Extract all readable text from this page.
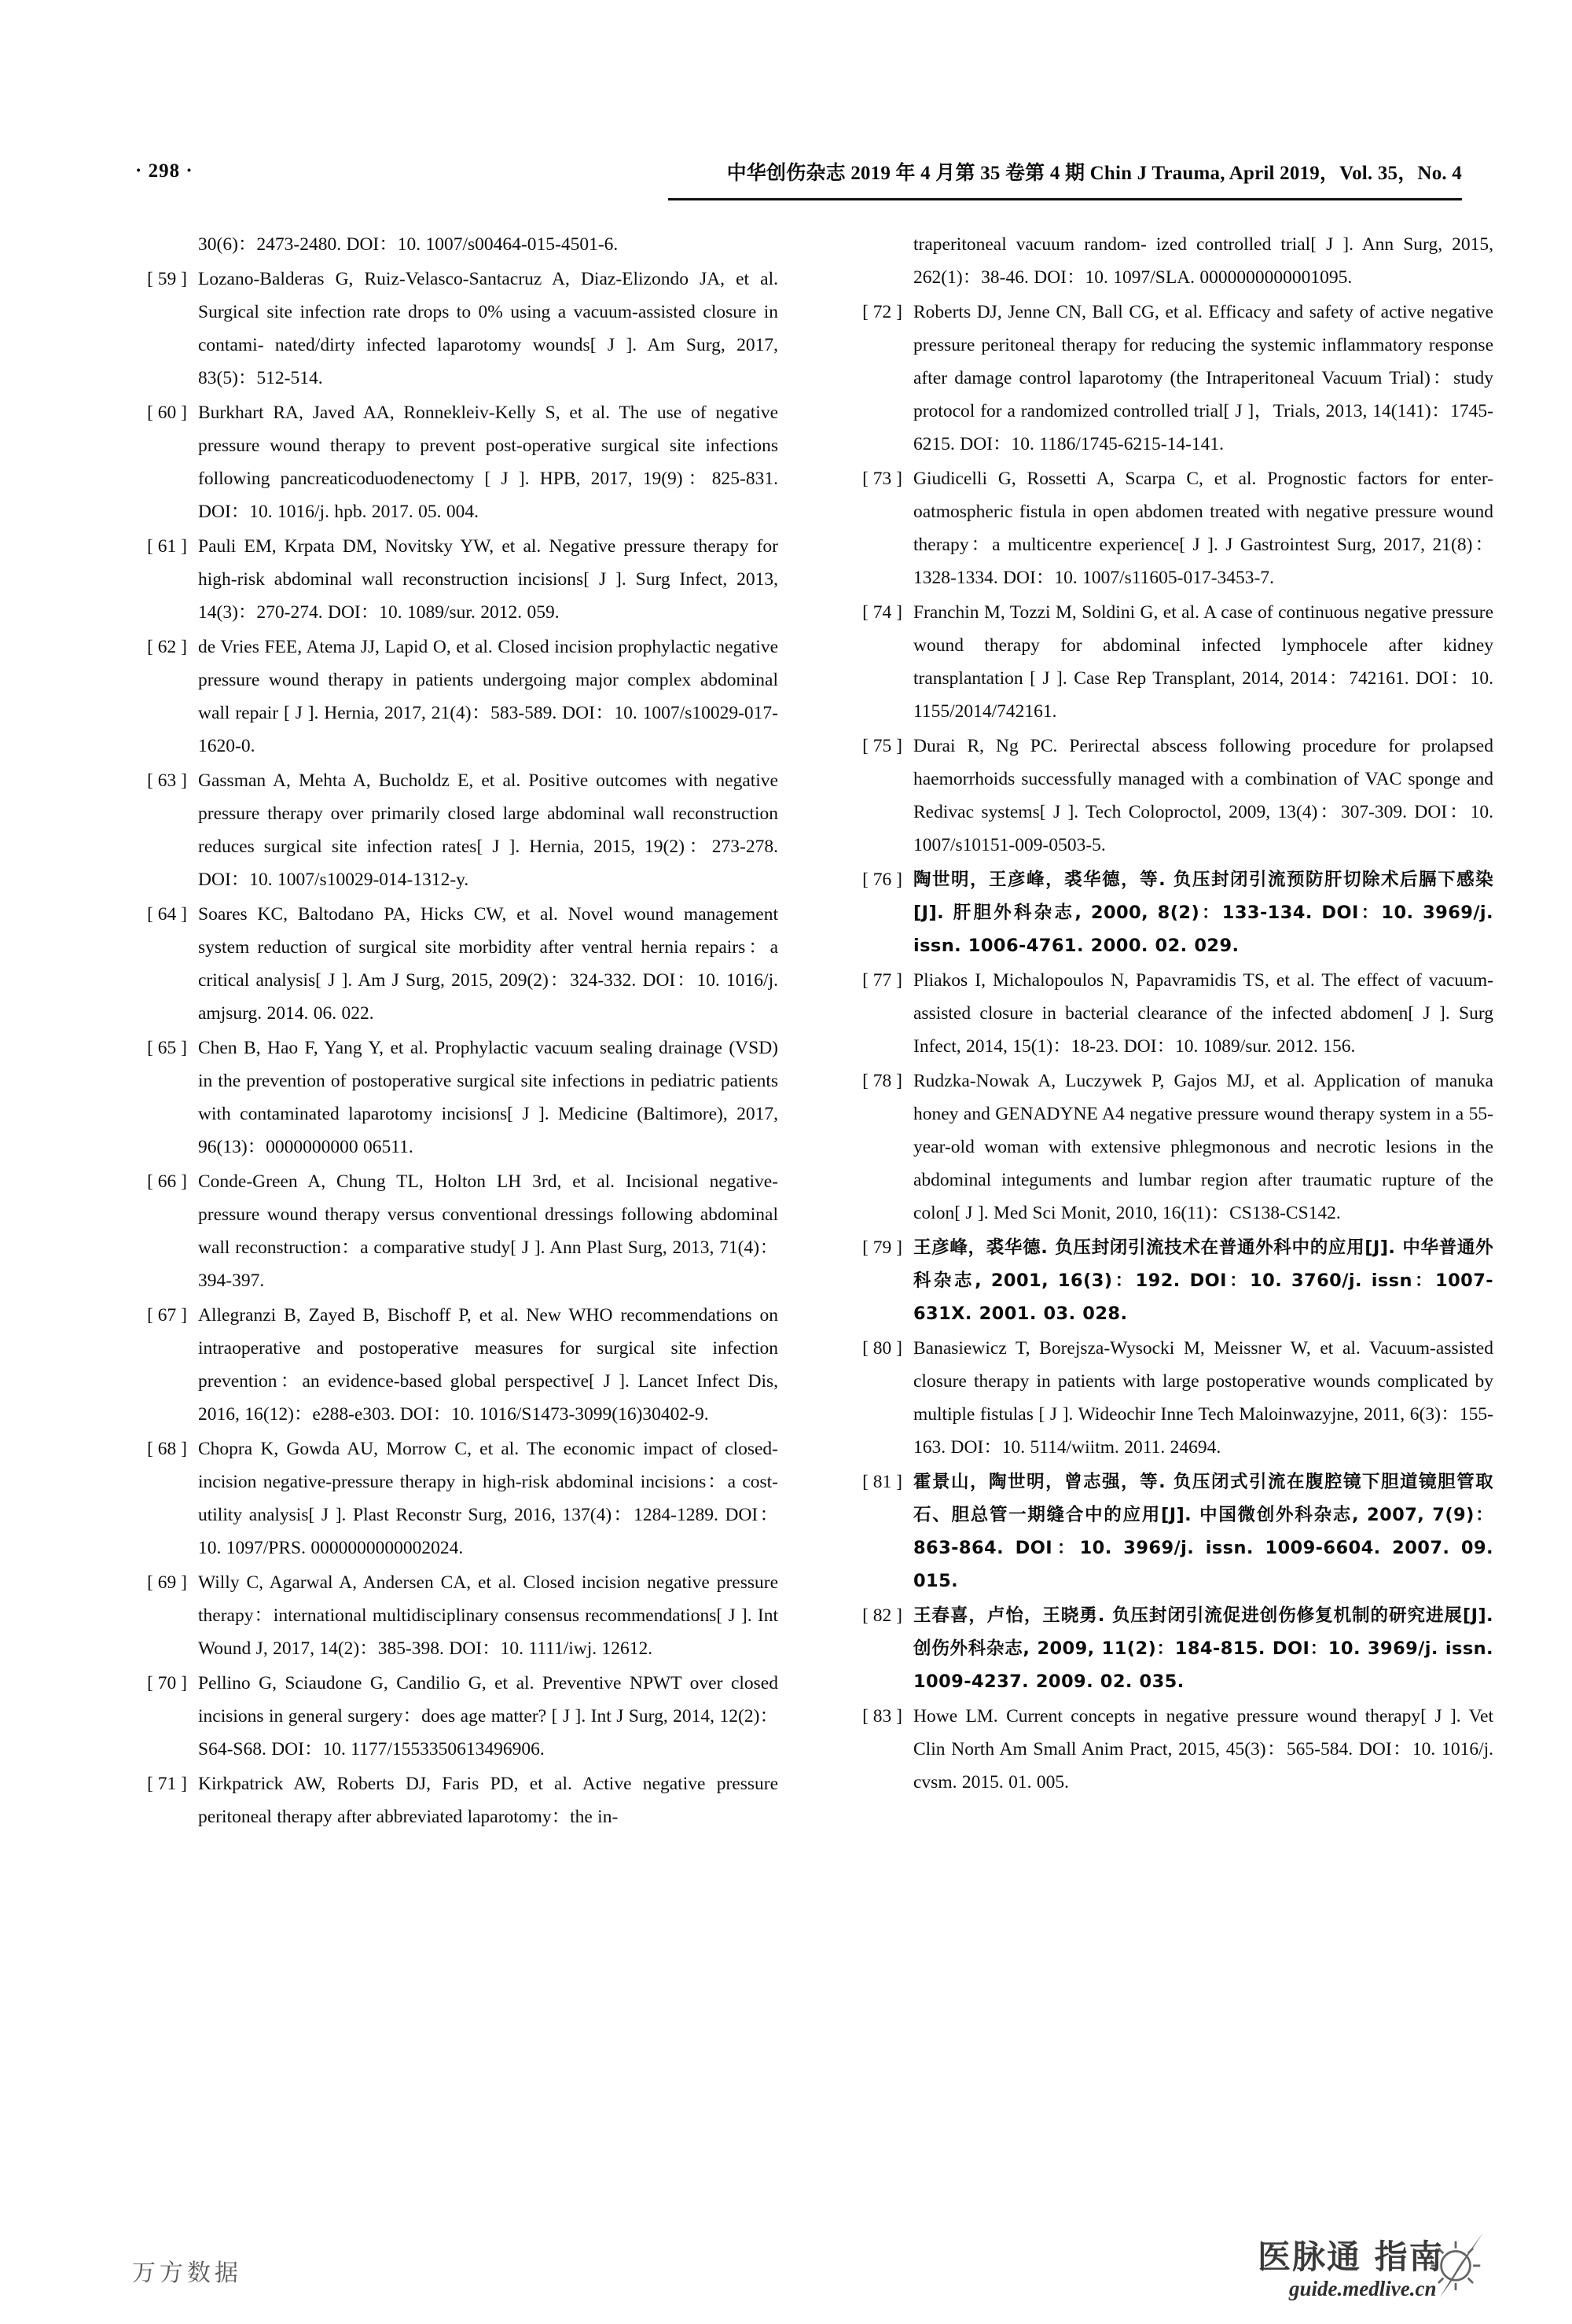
· 298 ·	中华创伤杂志 2019 年 4 月第 35 卷第 4 期 Chin J Trauma, April 2019，Vol. 35，No. 4
30(6)：2473-2480. DOI：10. 1007/s00464-015-4501-6.
[ 59 ] Lozano-Balderas G, Ruiz-Velasco-Santacruz A, Diaz-Elizondo JA, et al. Surgical site infection rate drops to 0% using a vacuum-assisted closure in contami- nated/dirty infected laparotomy wounds[ J ]. Am Surg, 2017, 83(5)：512-514.
[ 60 ] Burkhart RA, Javed AA, Ronnekleiv-Kelly S, et al. The use of negative pressure wound therapy to prevent post-operative surgical site infections following pancreaticoduodenectomy [ J ]. HPB, 2017, 19(9)：825-831. DOI：10. 1016/j. hpb. 2017. 05. 004.
[ 61 ] Pauli EM, Krpata DM, Novitsky YW, et al. Negative pressure therapy for high-risk abdominal wall reconstruction incisions[ J ]. Surg Infect, 2013, 14(3)：270-274. DOI：10. 1089/sur. 2012. 059.
[ 62 ] de Vries FEE, Atema JJ, Lapid O, et al. Closed incision prophylactic negative pressure wound therapy in patients undergoing major complex abdominal wall repair [ J ]. Hernia, 2017, 21(4)：583-589. DOI：10. 1007/s10029-017-1620-0.
[ 63 ] Gassman A, Mehta A, Bucholdz E, et al. Positive outcomes with negative pressure therapy over primarily closed large abdominal wall reconstruction reduces surgical site infection rates[ J ]. Hernia, 2015, 19(2)：273-278. DOI：10. 1007/s10029-014-1312-y.
[ 64 ] Soares KC, Baltodano PA, Hicks CW, et al. Novel wound management system reduction of surgical site morbidity after ventral hernia repairs：a critical analysis[ J ]. Am J Surg, 2015, 209(2)：324-332. DOI：10. 1016/j. amjsurg. 2014. 06. 022.
[ 65 ] Chen B, Hao F, Yang Y, et al. Prophylactic vacuum sealing drainage (VSD) in the prevention of postoperative surgical site infections in pediatric patients with contaminated laparotomy incisions[ J ]. Medicine (Baltimore), 2017, 96(13)：0000000000 06511.
[ 66 ] Conde-Green A, Chung TL, Holton LH 3rd, et al. Incisional negative-pressure wound therapy versus conventional dressings following abdominal wall reconstruction：a comparative study[ J ]. Ann Plast Surg, 2013, 71(4)：394-397.
[ 67 ] Allegranzi B, Zayed B, Bischoff P, et al. New WHO recommendations on intraoperative and postoperative measures for surgical site infection prevention：an evidence-based global perspective[ J ]. Lancet Infect Dis, 2016, 16(12)：e288-e303. DOI：10. 1016/S1473-3099(16)30402-9.
[ 68 ] Chopra K, Gowda AU, Morrow C, et al. The economic impact of closed-incision negative-pressure therapy in high-risk abdominal incisions：a cost-utility analysis[ J ]. Plast Reconstr Surg, 2016, 137(4)：1284-1289. DOI：10. 1097/PRS. 0000000000002024.
[ 69 ] Willy C, Agarwal A, Andersen CA, et al. Closed incision negative pressure therapy：international multidisciplinary consensus recommendations[ J ]. Int Wound J, 2017, 14(2)：385-398. DOI：10. 1111/iwj. 12612.
[ 70 ] Pellino G, Sciaudone G, Candilio G, et al. Preventive NPWT over closed incisions in general surgery：does age matter? [ J ]. Int J Surg, 2014, 12(2)：S64-S68. DOI：10. 1177/1553350613496906.
[ 71 ] Kirkpatrick AW, Roberts DJ, Faris PD, et al. Active negative pressure peritoneal therapy after abbreviated laparotomy：the in-
traperitoneal vacuum random- ized controlled trial[ J ]. Ann Surg, 2015, 262(1)：38-46. DOI：10. 1097/SLA. 0000000000001095.
[ 72 ] Roberts DJ, Jenne CN, Ball CG, et al. Efficacy and safety of active negative pressure peritoneal therapy for reducing the systemic inflammatory response after damage control laparotomy (the Intraperitoneal Vacuum Trial)：study protocol for a randomized controlled trial[ J ]，Trials, 2013, 14(141)：1745-6215. DOI：10. 1186/1745-6215-14-141.
[ 73 ] Giudicelli G, Rossetti A, Scarpa C, et al. Prognostic factors for enter- oatmospheric fistula in open abdomen treated with negative pressure wound therapy：a multicentre experience[ J ]. J Gastrointest Surg, 2017, 21(8)：1328-1334. DOI：10. 1007/s11605-017-3453-7.
[ 74 ] Franchin M, Tozzi M, Soldini G, et al. A case of continuous negative pressure wound therapy for abdominal infected lymphocele after kidney transplantation [ J ]. Case Rep Transplant, 2014, 2014：742161. DOI：10. 1155/2014/742161.
[ 75 ] Durai R, Ng PC. Perirectal abscess following procedure for prolapsed haemorrhoids successfully managed with a combination of VAC sponge and Redivac systems[ J ]. Tech Coloproctol, 2009, 13(4)：307-309. DOI：10. 1007/s10151-009-0503-5.
[ 76 ] 陶世明，王彦峰，裘华德，等. 负压封闭引流预防肝切除术后膈下感染[J]. 肝胆外科杂志, 2000, 8(2)：133-134. DOI：10. 3969/j. issn. 1006-4761. 2000. 02. 029.
[ 77 ] Pliakos I, Michalopoulos N, Papavramidis TS, et al. The effect of vacuum-assisted closure in bacterial clearance of the infected abdomen[ J ]. Surg Infect, 2014, 15(1)：18-23. DOI：10. 1089/sur. 2012. 156.
[ 78 ] Rudzka-Nowak A, Luczywek P, Gajos MJ, et al. Application of manuka honey and GENADYNE A4 negative pressure wound therapy system in a 55-year-old woman with extensive phlegmonous and necrotic lesions in the abdominal integuments and lumbar region after traumatic rupture of the colon[ J ]. Med Sci Monit, 2010, 16(11)：CS138-CS142.
[ 79 ] 王彦峰，裘华德. 负压封闭引流技术在普通外科中的应用[J]. 中华普通外科杂志, 2001, 16(3)：192. DOI：10. 3760/j. issn：1007-631X. 2001. 03. 028.
[ 80 ] Banasiewicz T, Borejsza-Wysocki M, Meissner W, et al. Vacuum-assisted closure therapy in patients with large postoperative wounds complicated by multiple fistulas [ J ]. Wideochir Inne Tech Maloinwazyjne, 2011, 6(3)：155-163. DOI：10. 5114/wiitm. 2011. 24694.
[ 81 ] 霍景山，陶世明，曾志强，等. 负压闭式引流在腹腔镜下胆道镜胆管取石、胆总管一期缝合中的应用[J]. 中国微创外科杂志, 2007, 7(9)：863-864. DOI：10. 3969/j. issn. 1009-6604. 2007. 09. 015.
[ 82 ] 王春喜，卢怡，王晓勇. 负压封闭引流促进创伤修复机制的研究进展[J]. 创伤外科杂志, 2009, 11(2)：184-815. DOI：10. 3969/j. issn. 1009-4237. 2009. 02. 035.
[ 83 ] Howe LM. Current concepts in negative pressure wound therapy[ J ]. Vet Clin North Am Small Anim Pract, 2015, 45(3)：565-584. DOI：10. 1016/j. cvsm. 2015. 01. 005.
万方数据	医脉通 指南
guide.medlive.cn
